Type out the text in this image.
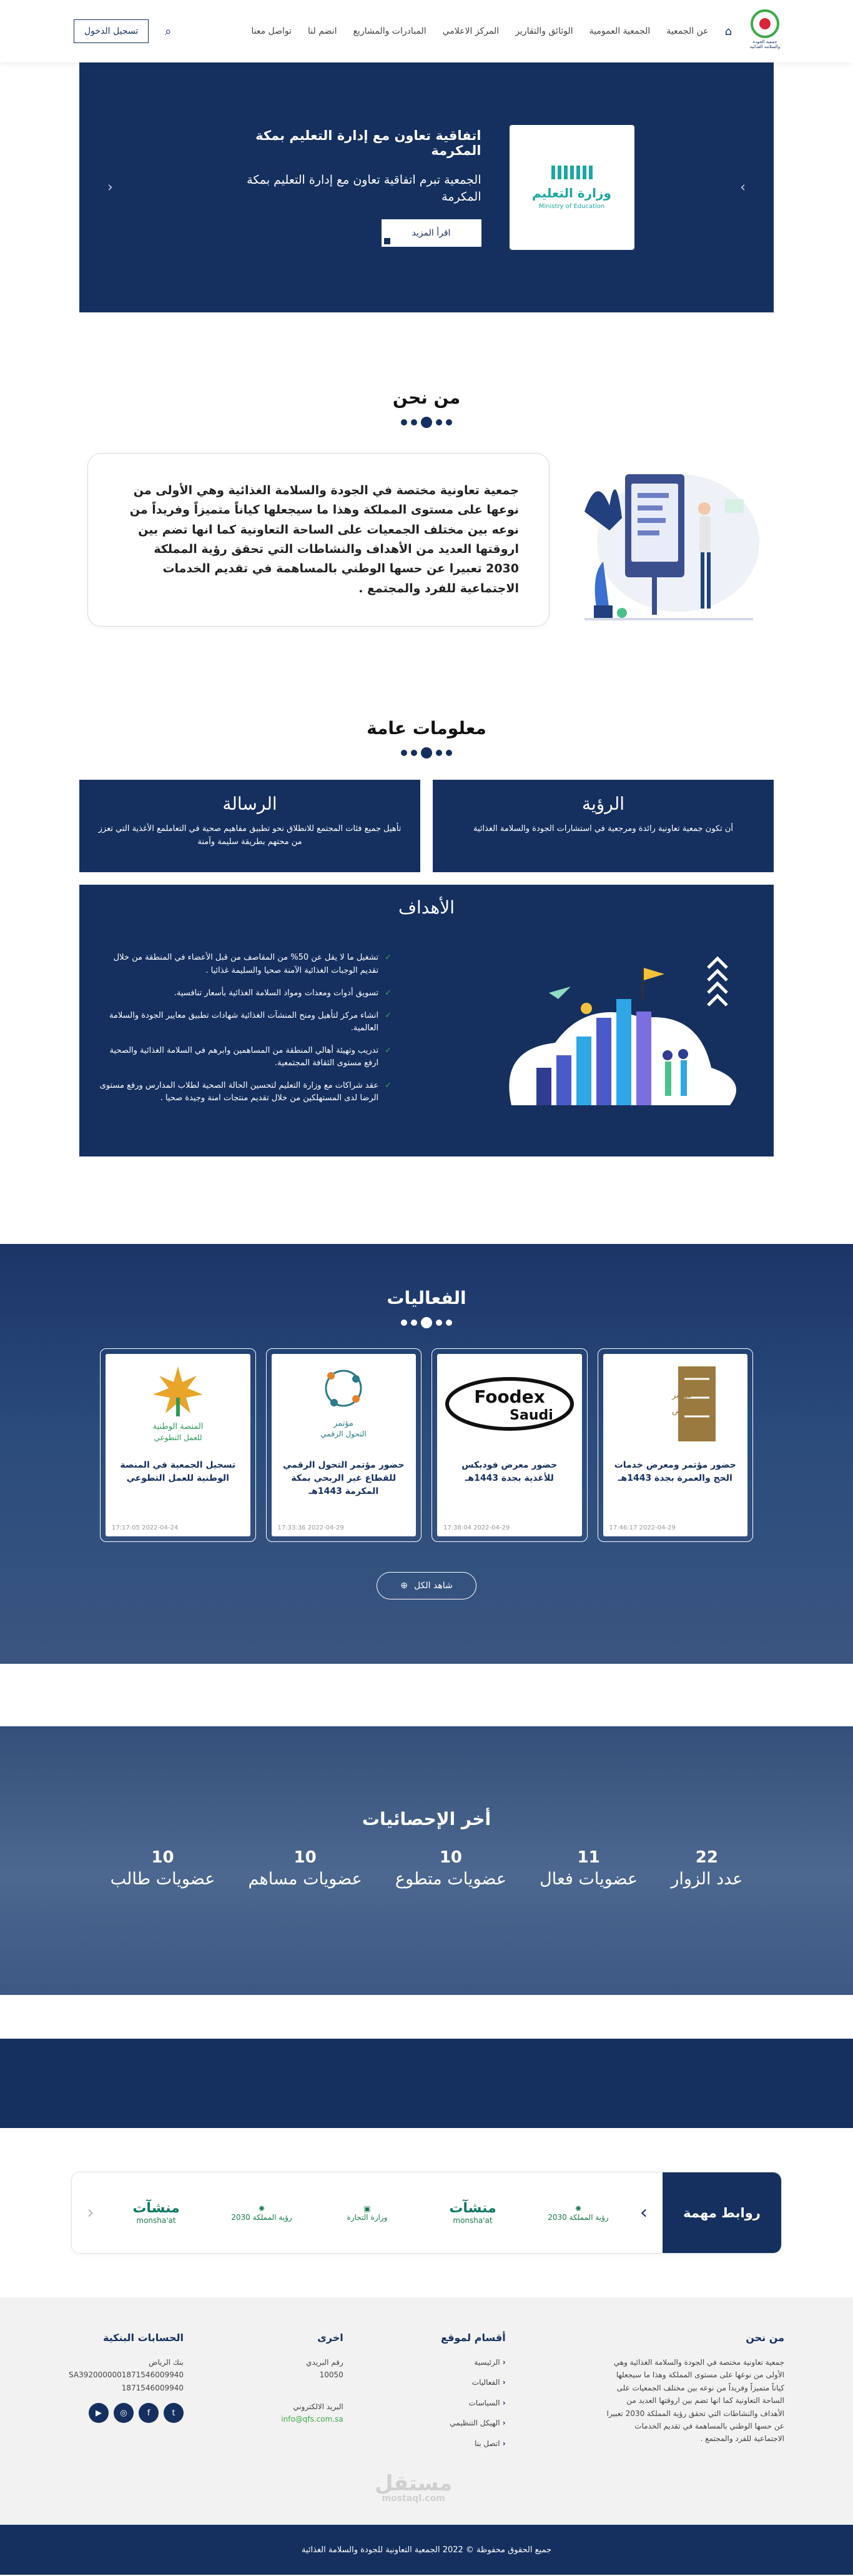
جمعية الجودة والسلامة الغذائية
⌂
عن الجمعية
الجمعية العمومية
الوثائق والتقارير
المركز الاعلامي
المبادرات والمشاريع
انضم لنا
تواصل معنا
⌕
تسجيل الدخول
›
وزارة التعليم
Ministry of Education
اتفاقية تعاون مع إدارة التعليم بمكة المكرمة
الجمعية تبرم اتفاقية تعاون مع إدارة التعليم بمكة المكرمة
اقرأ المزيد
‹
من نحن
جمعية تعاونية مختصة في الجودة والسلامة الغذائية وهي الأولى من نوعها على مستوى المملكة وهذا ما سيجعلها كياناً متميزاً وفريداً من نوعه بين مختلف الجمعيات على الساحة التعاونية كما انها تضم بين اروقتها العديد من الأهداف والنشاطات التي تحقق رؤية المملكة 2030 تعبيرا عن حسها الوطني بالمساهمة في تقديم الخدمات الاجتماعية للفرد والمجتمع .
معلومات عامة
الرؤية

أن تكون جمعية تعاونية رائدة ومرجعية في استشارات الجودة والسلامة الغذائية

الرسالة

تأهيل جميع فئات المجتمع للانطلاق نحو تطبيق مفاهيم صحية في التعاملمع الأغذية التي تعزز من محتهم بطريقة سليمة وآمنة

الأهداف
✓
تشغيل ما لا يقل عن 50% من المقاصف من قبل الأعضاء في المنطقة من خلال تقديم الوجبات الغذائية الآمنة صحيا والسليمة غذائيا .
✓
تسويق أدوات ومعدات ومواد السلامة الغذائية بأسعار تنافسية.
✓
انشاء مركز لتأهيل ومنح المنشآت الغذائية شهادات تطبيق معايير الجودة والسلامة العالمية.
✓
تدريب وتهيئة أهالي المنطقة من المساهمين وابرهم في السلامة الغذائية والصحية ارفع مستوى الثقافة المجتمعية.
✓
عقد شراكات مع وزارة التعليم لتحسين الحالة الصحية لطلاب المدارس ورفع مستوى الرضا لدى المستهلكين من خلال تقديم منتجات امنة وجيدة صحيا .
الفعاليات
مؤتمر
ومعرض
حضور مؤتمر ومعرض خدمات الحج والعمرة بجدة 1443هـ
17:46:17 2022-04-29
Foodex
Saudi
حضور معرض فوديكس للأغذية بجدة 1443هـ
17:38:04 2022-04-29
مؤتمر
التحول الرقمي
حضور مؤتمر التحول الرقمي للقطاع غير الربحي بمكة المكرمة 1443هـ
17:33:36 2022-04-29
المنصة الوطنية
للعمل التطوعي
تسجيل الجمعية في المنصة الوطنية للعمل التطوعي
17:17:05 2022-04-24
شاهد الكل
⊕
أخر الإحصائيات
22
عدد الزوار
11
عضويات فعال
10
عضويات متطوع
10
عضويات مساهم
10
عضويات طالب
روابط مهمة
›
✺
رؤية المملكة 2030
منشآت
monsha'at
▣
وزارة التجارة
✺
رؤية المملكة 2030
منشآت
monsha'at
‹
من نحن

جمعية تعاونية مختصة في الجودة والسلامة الغذائية وهي الأولى من نوعها على مستوى المملكة وهذا ما سيجعلها كياناً متميزاً وفريداً من نوعه بين مختلف الجمعيات على الساحة التعاونية كما انها تضم بين اروقتها العديد من الأهداف والنشاطات التي تحقق رؤية المملكة 2030 تعبيرا عن حسها الوطني بالمساهمة في تقديم الخدمات الاجتماعية للفرد والمجتمع .

أقسام لموقع
‹ الرئيسية
‹ الفعاليات
‹ السياسات
‹ الهيكل التنظيمي
‹ اتصل بنا
اخرى

رقم البريدي

10050

البريد الالكتروني

info@qfs.com.sa

الحسابات البنكية

بنك الرياض

SA3920000001871546009940

1871546009940

▶	◎	f	t
مستقل
mostaql.com
جميع الحقوق محفوظة © 2022 الجمعية التعاونية للجودة والسلامة الغذائية
